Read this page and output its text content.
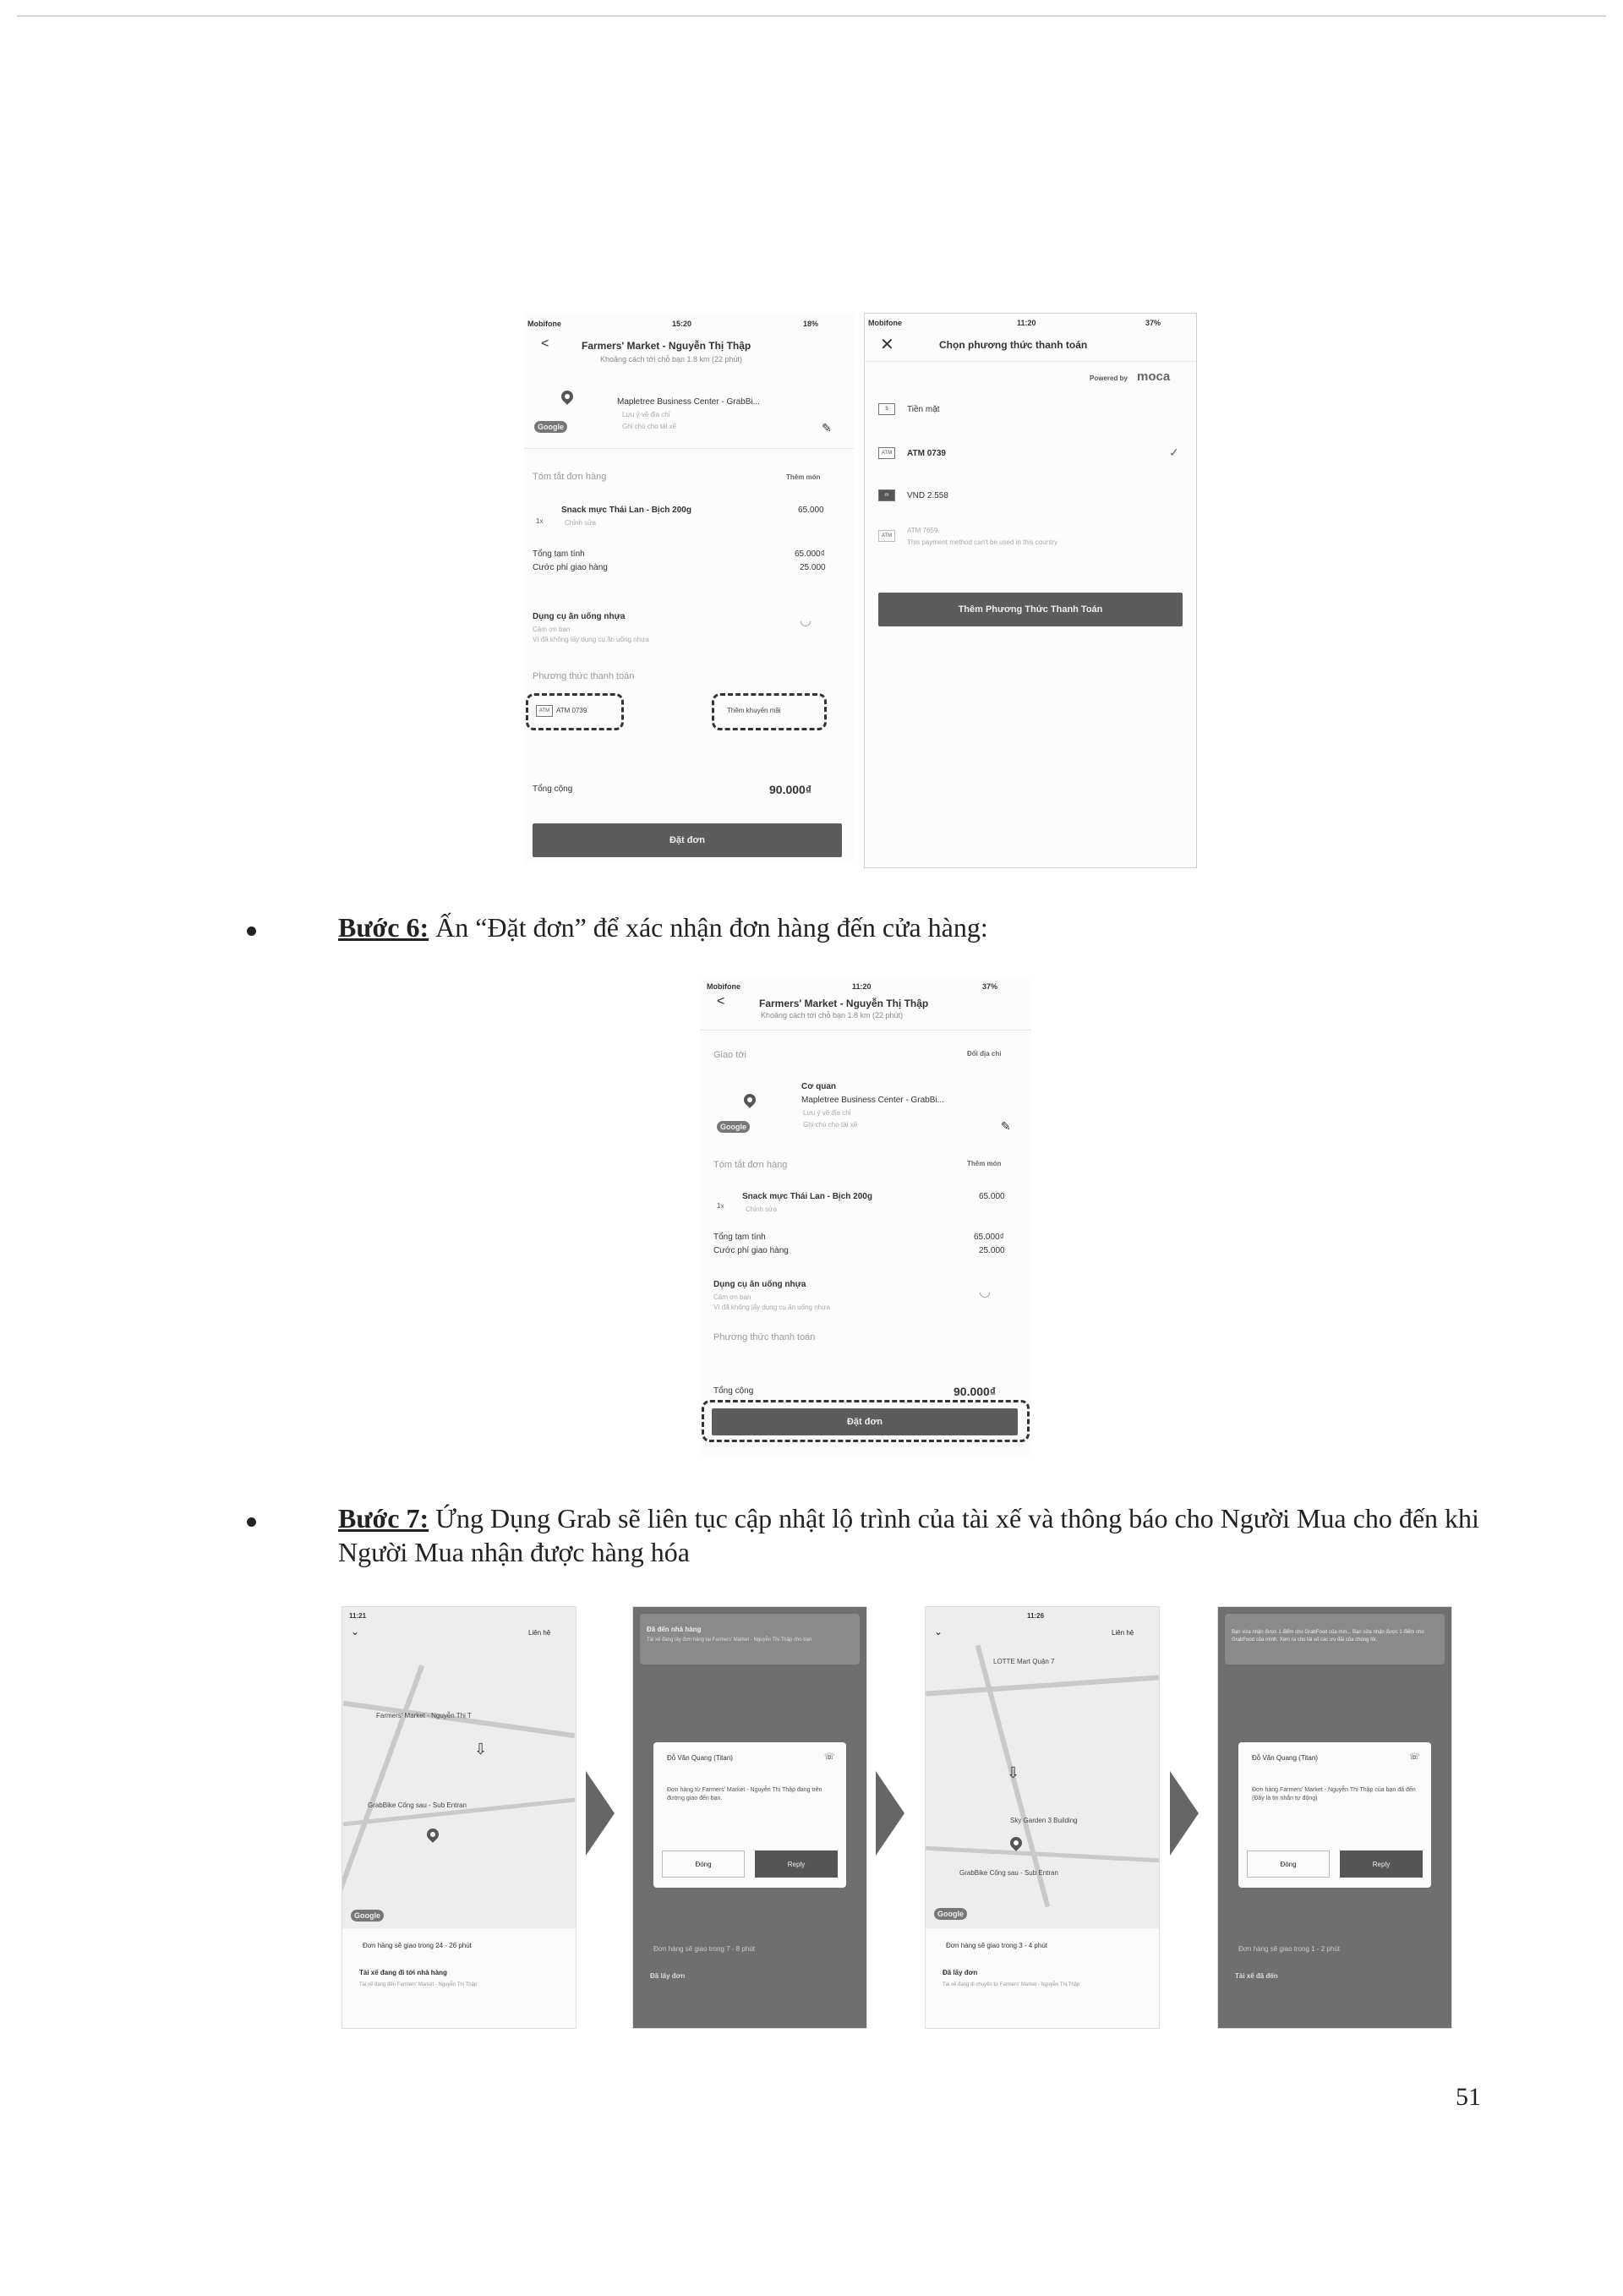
Mobifone	15:20	18%
<	Farmers' Market - Nguyễn Thị Thập
Khoảng cách tới chỗ bạn 1.8 km (22 phút)
Google
Mapletree Business Center - GrabBi...
Lưu ý về địa chỉ
Ghi chú cho tài xế	✎
Tóm tắt đơn hàng	Thêm món
1x
Snack mực Thái Lan - Bịch 200g	65.000
Chỉnh sửa
Tổng tạm tính	65.000₫
Cước phí giao hàng	25.000
Dụng cụ ăn uống nhựa
Cảm ơn bạn
Vì đã không lấy dụng cụ ăn uống nhựa
◡
Phương thức thanh toán
ATM ATM 0739	Thêm khuyến mãi
Tổng cộng	90.000₫
Đặt đơn
Mobifone	11:20	37%
✕	Chọn phương thức thanh toán
Powered by moca
$	Tiền mặt
ATM	ATM 0739	✓
m	VND 2.558
ATM
ATM 7659
This payment method can't be used in this country
Thêm Phương Thức Thanh Toán
Bước 6: Ấn “Đặt đơn” để xác nhận đơn hàng đến cửa hàng:
Mobifone	11:20	37%
<	Farmers' Market - Nguyễn Thị Thập
Khoảng cách tới chỗ bạn 1.8 km (22 phút)
Giao tới	Đổi địa chỉ
Google
Cơ quan
Mapletree Business Center - GrabBi...
Lưu ý về địa chỉ
Ghi chú cho tài xế	✎
Tóm tắt đơn hàng	Thêm món
1x
Snack mực Thái Lan - Bịch 200g	65.000
Chỉnh sửa
Tổng tạm tính	65.000₫
Cước phí giao hàng	25.000
Dụng cụ ăn uống nhựa
Cảm ơn bạn
Vì đã không lấy dụng cụ ăn uống nhựa
◡
Phương thức thanh toán
Tổng cộng	90.000₫
Đặt đơn
Bước 7: Ứng Dụng Grab sẽ liên tục cập nhật lộ trình của tài xế và thông báo cho Người Mua cho đến khi Người Mua nhận được hàng hóa
11:21
⌄	Liên hệ
Farmers' Market - Nguyễn Thị T
GrabBike Cống sau - Sub Entran
⇩
Google
Đơn hàng sẽ giao trong 24 - 26 phút
Tài xế đang đi tới nhà hàng
Tài xế đang đến Farmers' Market - Nguyễn Thị Thập
Đã đến nhà hàng
Tài xế đang lấy đơn hàng tại Farmers' Market - Nguyễn Thị Thập cho bạn
Đỗ Văn Quang (Titan)	☏
Đơn hàng từ Farmers' Market - Nguyễn Thị Thập đang trên đường giao đến bạn.
Đóng	Reply
Đơn hàng sẽ giao trong 7 - 8 phút
Đã lấy đơn
11:26
⌄	Liên hệ
LOTTE Mart Quận 7
Sky Garden 3 Building
GrabBike Cống sau - Sub Entran
⇩
Google
Đơn hàng sẽ giao trong 3 - 4 phút
Đã lấy đơn
Tài xế đang di chuyển từ Farmers' Market - Nguyễn Thị Thập
Bạn vừa nhận được 1 điểm cho GrabFood của mìn... Bạn sửa nhận được 1 điểm cho GrabFood của mình. Xem ra cho tài số các ưu đãi của chúng tôi.
Đỗ Văn Quang (Titan)	☏
Đơn hàng Farmers' Market - Nguyễn Thị Thập của bạn đã đến (Đây là tin nhắn tự động)
Đóng	Reply
Đơn hàng sẽ giao trong 1 - 2 phút
Tài xế đã đến
51
